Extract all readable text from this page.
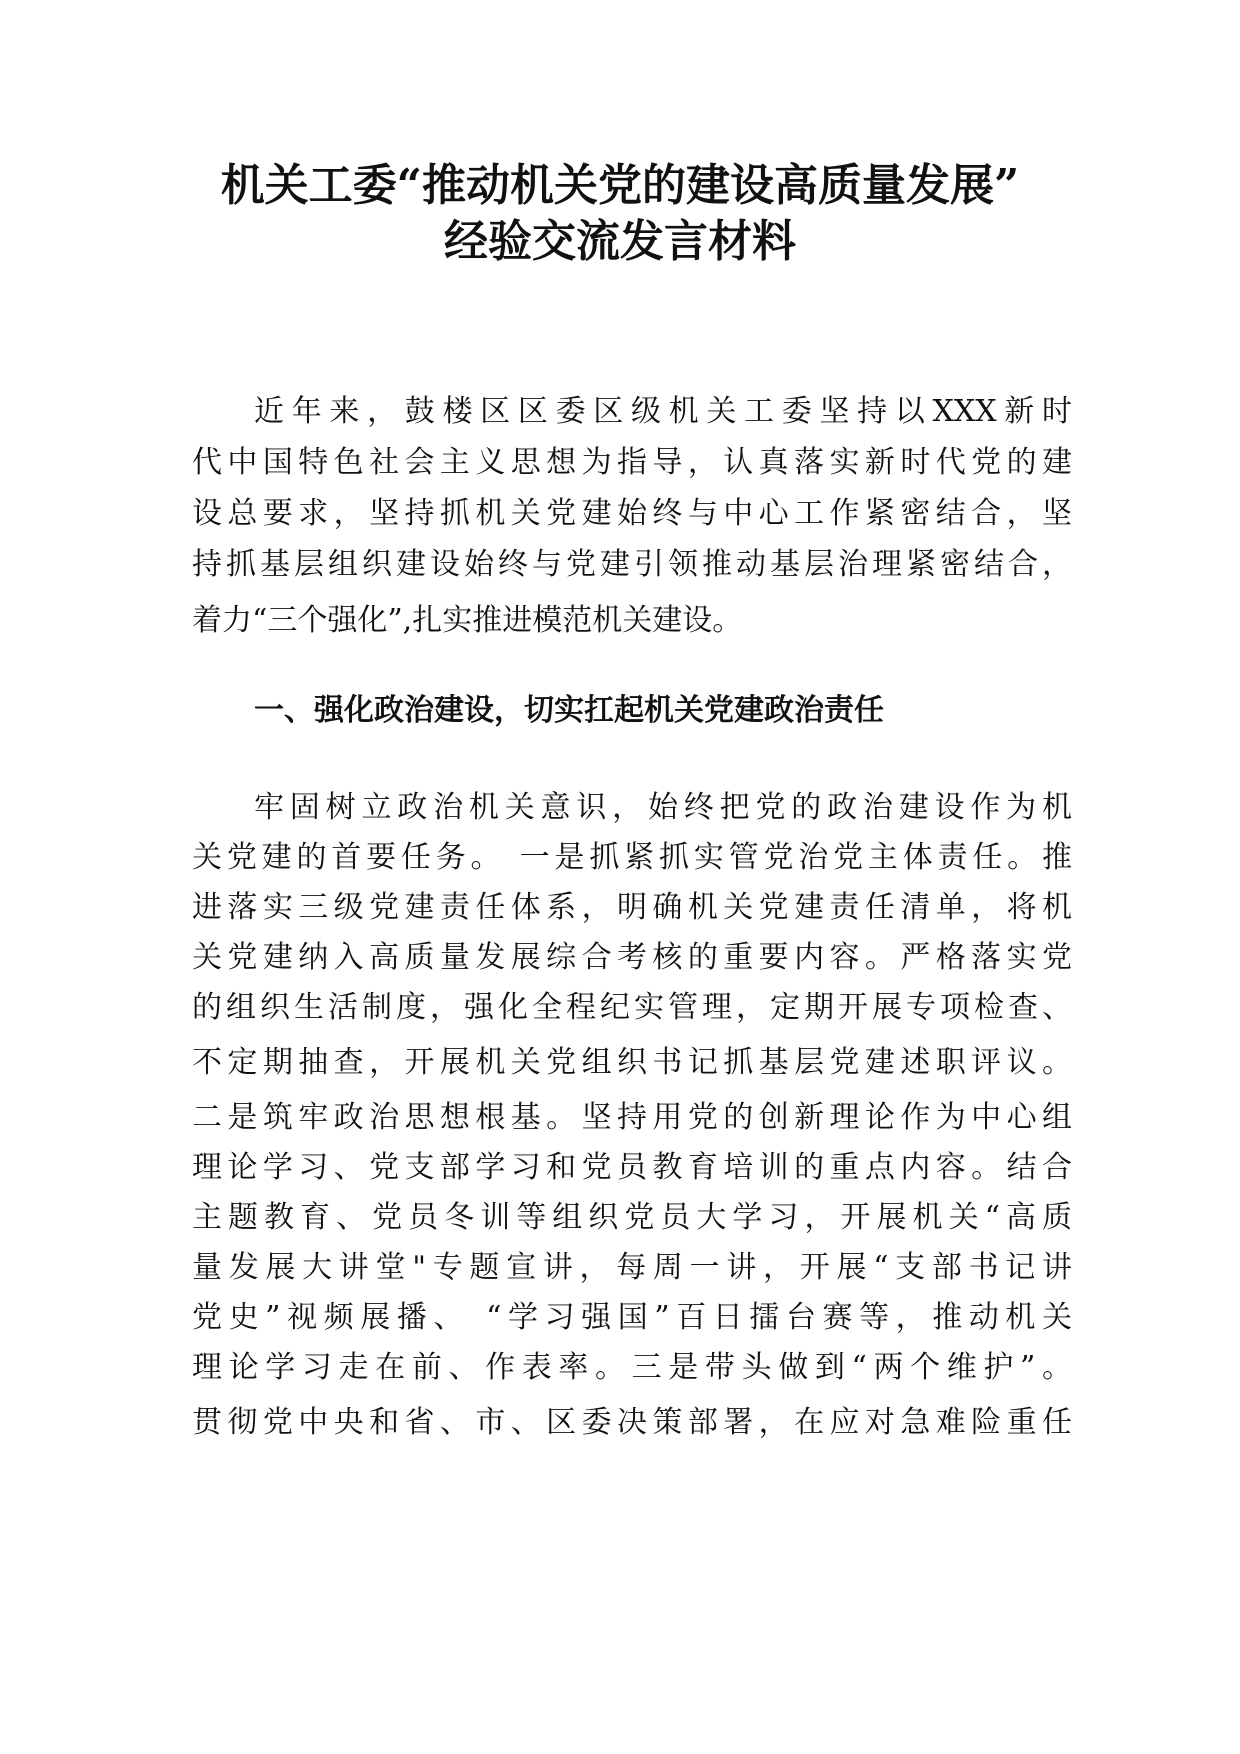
机关工委“推动机关党的建设高质量发展”
经验交流发言材料
近年来，鼓楼区区委区级机关工委坚持以XXX新时
代中国特色社会主义思想为指导，认真落实新时代党的建
设总要求，坚持抓机关党建始终与中心工作紧密结合，坚
持抓基层组织建设始终与党建引领推动基层治理紧密结合，
着力“三个强化”,扎实推进模范机关建设。
一、强化政治建设，切实扛起机关党建政治责任
牢固树立政治机关意识，始终把党的政治建设作为机
关党建的首要任务。 一是抓紧抓实管党治党主体责任。推
进落实三级党建责任体系，明确机关党建责任清单，将机
关党建纳入高质量发展综合考核的重要内容。严格落实党
的组织生活制度，强化全程纪实管理，定期开展专项检查、
不定期抽查，开展机关党组织书记抓基层党建述职评议。
二是筑牢政治思想根基。坚持用党的创新理论作为中心组
理论学习、党支部学习和党员教育培训的重点内容。结合
主题教育、党员冬训等组织党员大学习，开展机关“高质
量发展大讲堂"专题宣讲，每周一讲，开展“支部书记讲
党史”视频展播、 “学习强国”百日擂台赛等，推动机关
理论学习走在前、作表率。三是带头做到“两个维护”。
贯彻党中央和省、市、区委决策部署，在应对急难险重任
